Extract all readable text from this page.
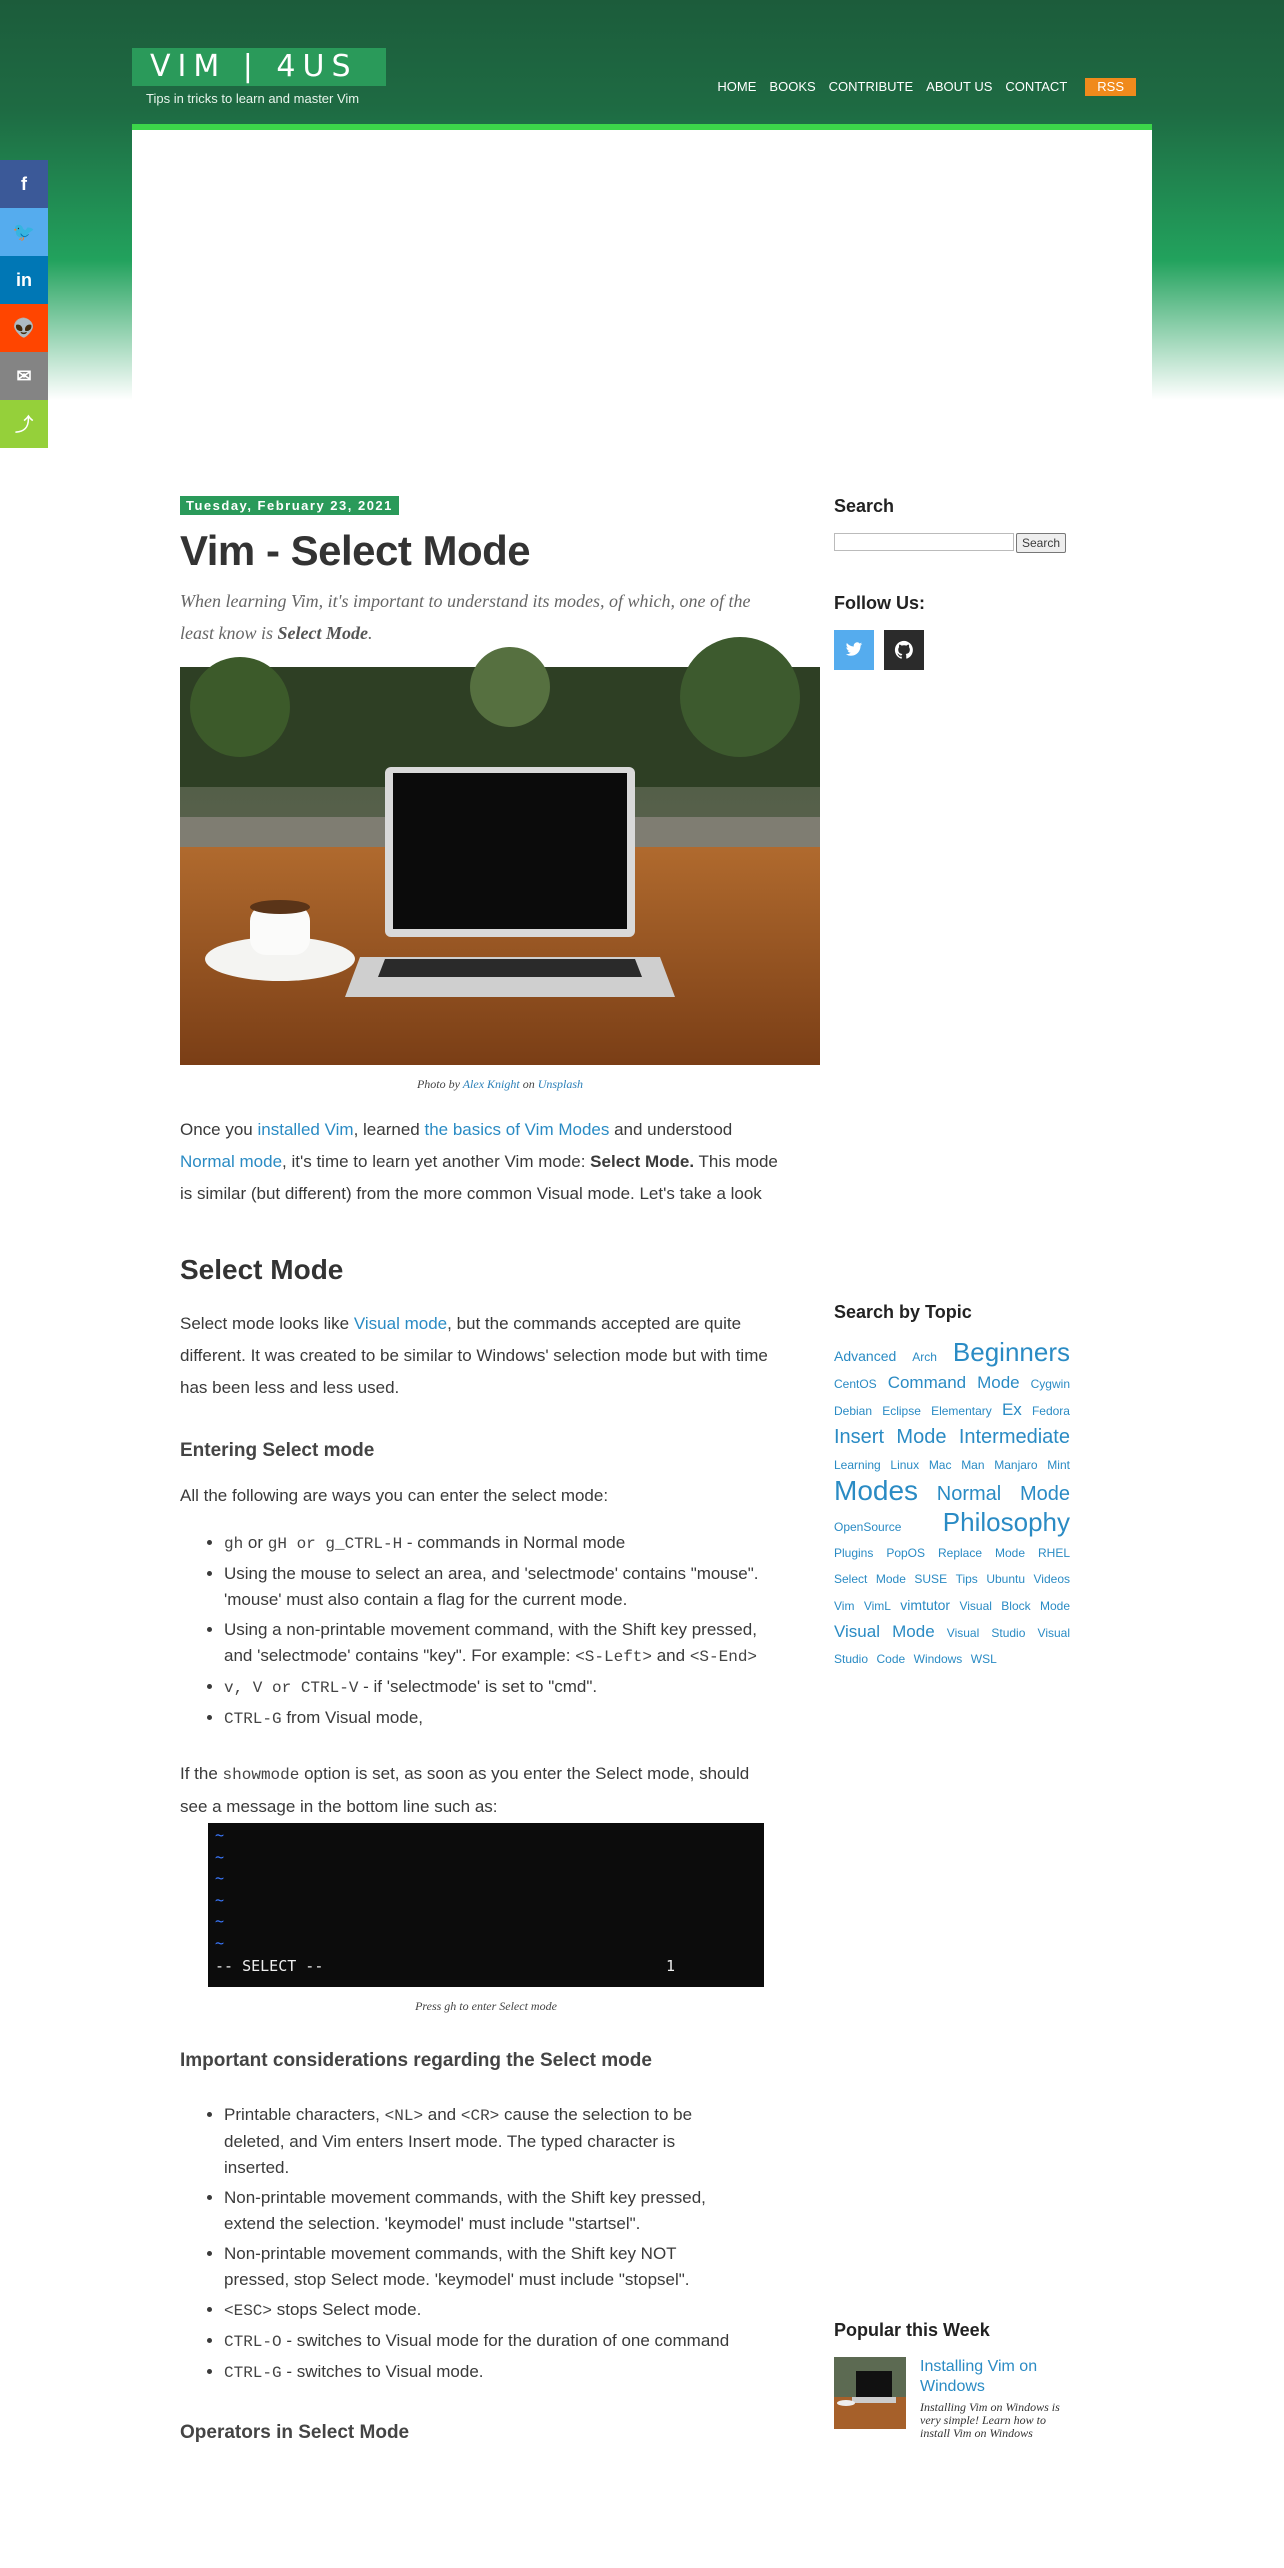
VIM | 4US
Tips in tricks to learn and master Vim
HOME BOOKS CONTRIBUTE ABOUT US CONTACT	RSS
f
🐦
in
👽
✉
⤴
Tuesday, February 23, 2021
Vim - Select Mode

When learning Vim, it's important to understand its modes, of which, one of the least know is Select Mode.

Photo by Alex Knight on Unsplash

Once you installed Vim, learned the basics of Vim Modes and understood Normal mode, it's time to learn yet another Vim mode: Select Mode. This mode is similar (but different) from the more common Visual mode. Let's take a look

Select Mode

Select mode looks like Visual mode, but the commands accepted are quite different. It was created to be similar to Windows' selection mode but with time has been less and less used.

Entering Select mode

All the following are ways you can enter the select mode:

• gh or gH or g_CTRL-H - commands in Normal mode
• Using the mouse to select an area, and 'selectmode' contains "mouse". 'mouse' must also contain a flag for the current mode.
• Using a non-printable movement command, with the Shift key pressed, and 'selectmode' contains "key". For example: <S-Left> and <S-End>
• v, V or CTRL-V - if 'selectmode' is set to "cmd".
• CTRL-G from Visual mode,

If the showmode option is set, as soon as you enter the Select mode, should see a message in the bottom line such as:

~
~
~
~
~
~
-- SELECT --	1
Press gh to enter Select mode
Important considerations regarding the Select mode
• Printable characters, <NL> and <CR> cause the selection to be deleted, and Vim enters Insert mode. The typed character is inserted.
• Non-printable movement commands, with the Shift key pressed, extend the selection. 'keymodel' must include "startsel".
• Non-printable movement commands, with the Shift key NOT pressed, stop Select mode. 'keymodel' must include "stopsel".
• <ESC> stops Select mode.
• CTRL-O - switches to Visual mode for the duration of one command
• CTRL-G - switches to Visual mode.
Operators in Select Mode
Search
Search
Follow Us:
Search by Topic
Advanced Arch Beginners CentOS Command Mode Cygwin Debian Eclipse Elementary Ex Fedora Insert Mode Intermediate Learning Linux Mac Man Manjaro Mint Modes Normal Mode OpenSource Philosophy Plugins PopOS Replace Mode RHEL Select Mode SUSE Tips Ubuntu Videos Vim VimL vimtutor Visual Block Mode Visual Mode Visual Studio Visual Studio Code Windows WSL
Popular this Week
Installing Vim on Windows
Installing Vim on Windows is very simple! Learn how to install Vim on Windows
